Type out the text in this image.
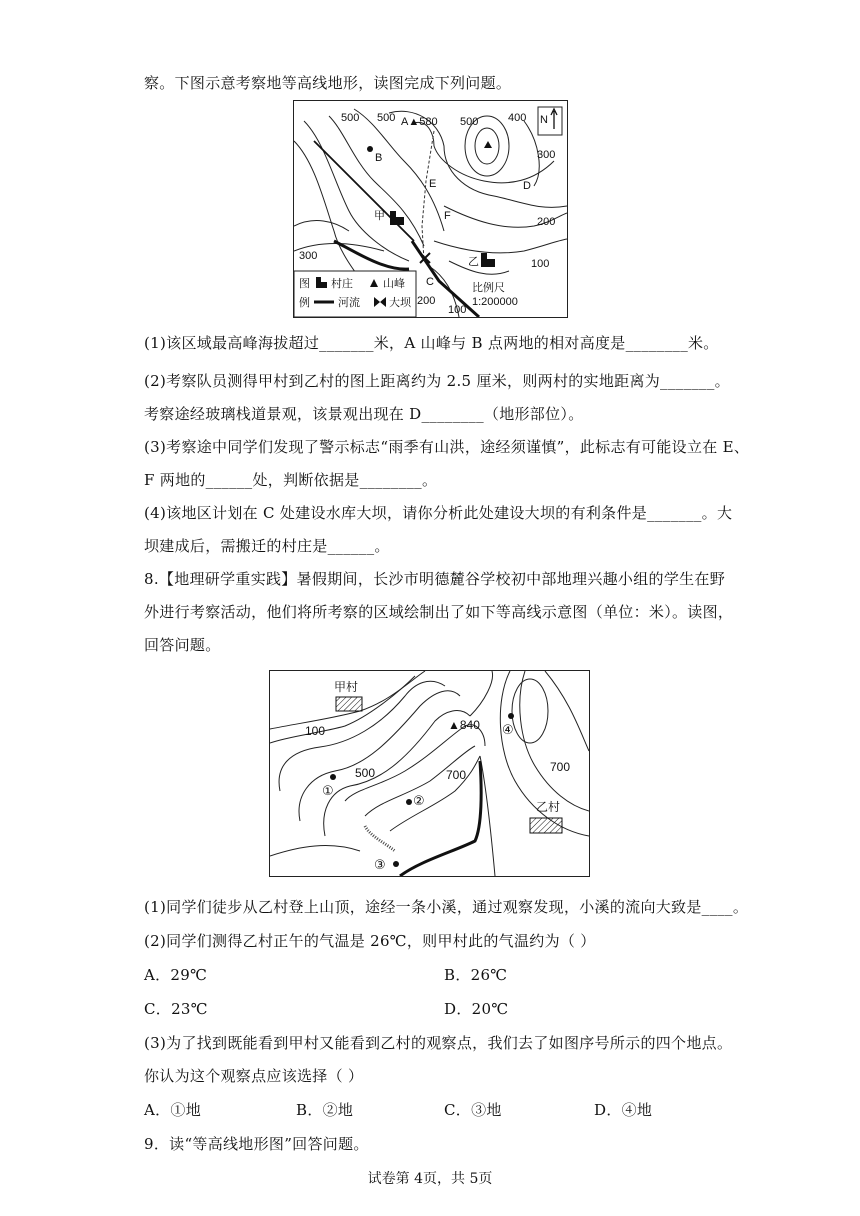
察。下图示意考察地等高线地形，读图完成下列问题。
500 500 A▲580 500	400 N
300
B
E	D
F	200
甲
300	乙	100
C
200
100
比例尺
1:200000
图
例
村庄	山峰
河流	大坝
(1)该区域最高峰海拔超过_______米，A 山峰与 B 点两地的相对高度是________米。
(2)考察队员测得甲村到乙村的图上距离约为 2.5 厘米，则两村的实地距离为_______。
考察途经玻璃栈道景观，该景观出现在 D________（地形部位）。
(3)考察途中同学们发现了警示标志“雨季有山洪，途经须谨慎”，此标志有可能设立在 E、
F 两地的______处，判断依据是________。
(4)该地区计划在 C 处建设水库大坝，请你分析此处建设大坝的有利条件是_______。大
坝建成后，需搬迁的村庄是______。
8.【地理研学重实践】暑假期间，长沙市明德麓谷学校初中部地理兴趣小组的学生在野
外进行考察活动，他们将所考察的区域绘制出了如下等高线示意图（单位：米）。读图，
回答问题。
甲村
乙村
100	▲840
500	700
700
①
②
③
④
(1)同学们徒步从乙村登上山顶，途经一条小溪，通过观察发现，小溪的流向大致是____。
(2)同学们测得乙村正午的气温是 26℃，则甲村此的气温约为（ ）
A．29℃	B．26℃
C．23℃	D．20℃
(3)为了找到既能看到甲村又能看到乙村的观察点，我们去了如图序号所示的四个地点。
你认为这个观察点应该选择（ ）
A．①地	B．②地	C．③地	D．④地
9．读“等高线地形图”回答问题。
试卷第 4页，共 5页
